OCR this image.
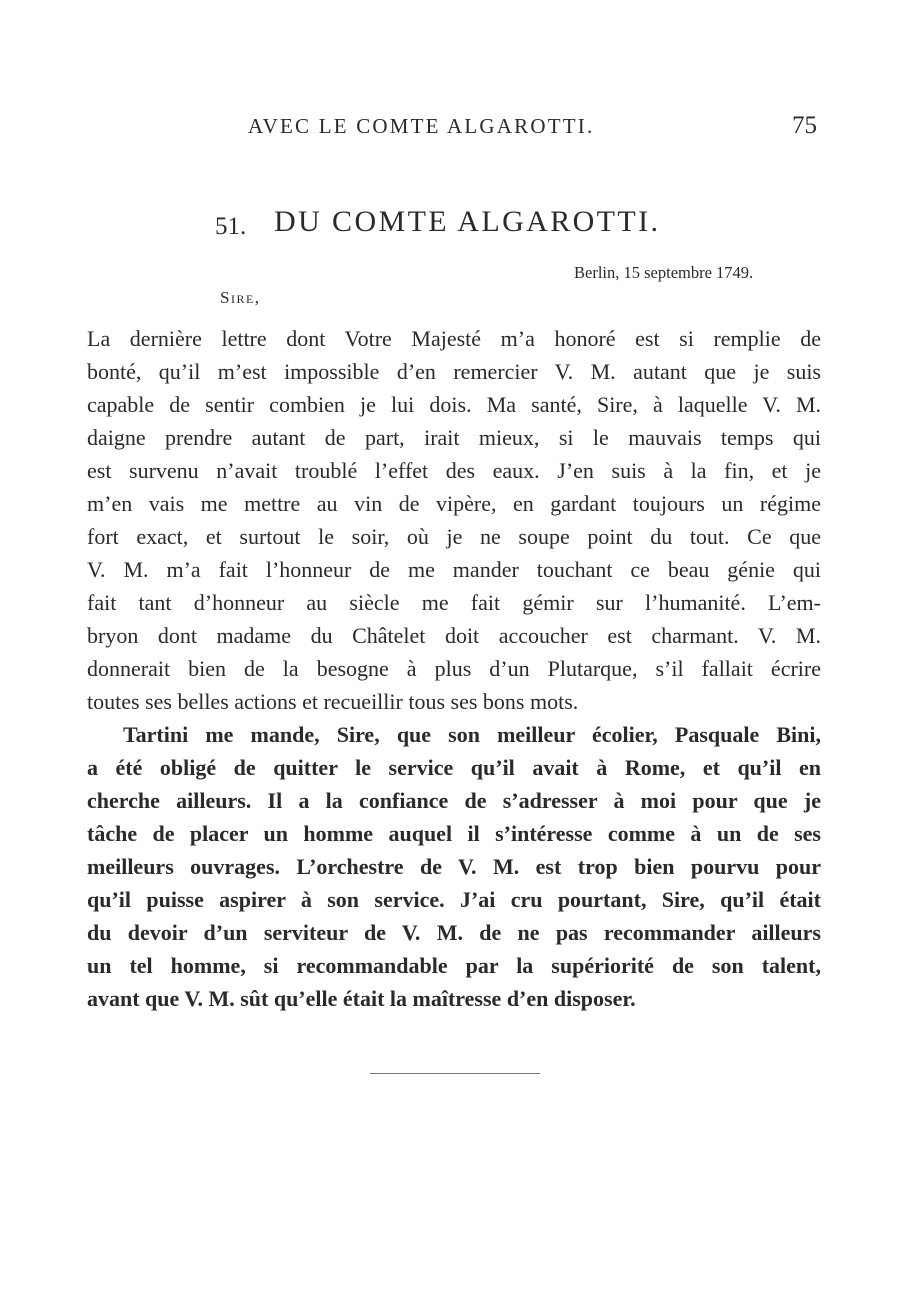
AVEC LE COMTE ALGAROTTI.	75
51. DU COMTE ALGAROTTI.
Berlin, 15 septembre 1749.
Sire,
La dernière lettre dont Votre Majesté m’a honoré est si remplie de
bonté, qu’il m’est impossible d’en remercier V. M. autant que je suis
capable de sentir combien je lui dois. Ma santé, Sire, à laquelle V. M.
daigne prendre autant de part, irait mieux, si le mauvais temps qui
est survenu n’avait troublé l’effet des eaux. J’en suis à la fin, et je
m’en vais me mettre au vin de vipère, en gardant toujours un régime
fort exact, et surtout le soir, où je ne soupe point du tout. Ce que
V. M. m’a fait l’honneur de me mander touchant ce beau génie qui
fait tant d’honneur au siècle me fait gémir sur l’humanité. L’em-
bryon dont madame du Châtelet doit accoucher est charmant. V. M.
donnerait bien de la besogne à plus d’un Plutarque, s’il fallait écrire
toutes ses belles actions et recueillir tous ses bons mots.
Tartini me mande, Sire, que son meilleur écolier, Pasquale Bini,
a été obligé de quitter le service qu’il avait à Rome, et qu’il en
cherche ailleurs. Il a la confiance de s’adresser à moi pour que je
tâche de placer un homme auquel il s’intéresse comme à un de ses
meilleurs ouvrages. L’orchestre de V. M. est trop bien pourvu pour
qu’il puisse aspirer à son service. J’ai cru pourtant, Sire, qu’il était
du devoir d’un serviteur de V. M. de ne pas recommander ailleurs
un tel homme, si recommandable par la supériorité de son talent,
avant que V. M. sût qu’elle était la maîtresse d’en disposer.
